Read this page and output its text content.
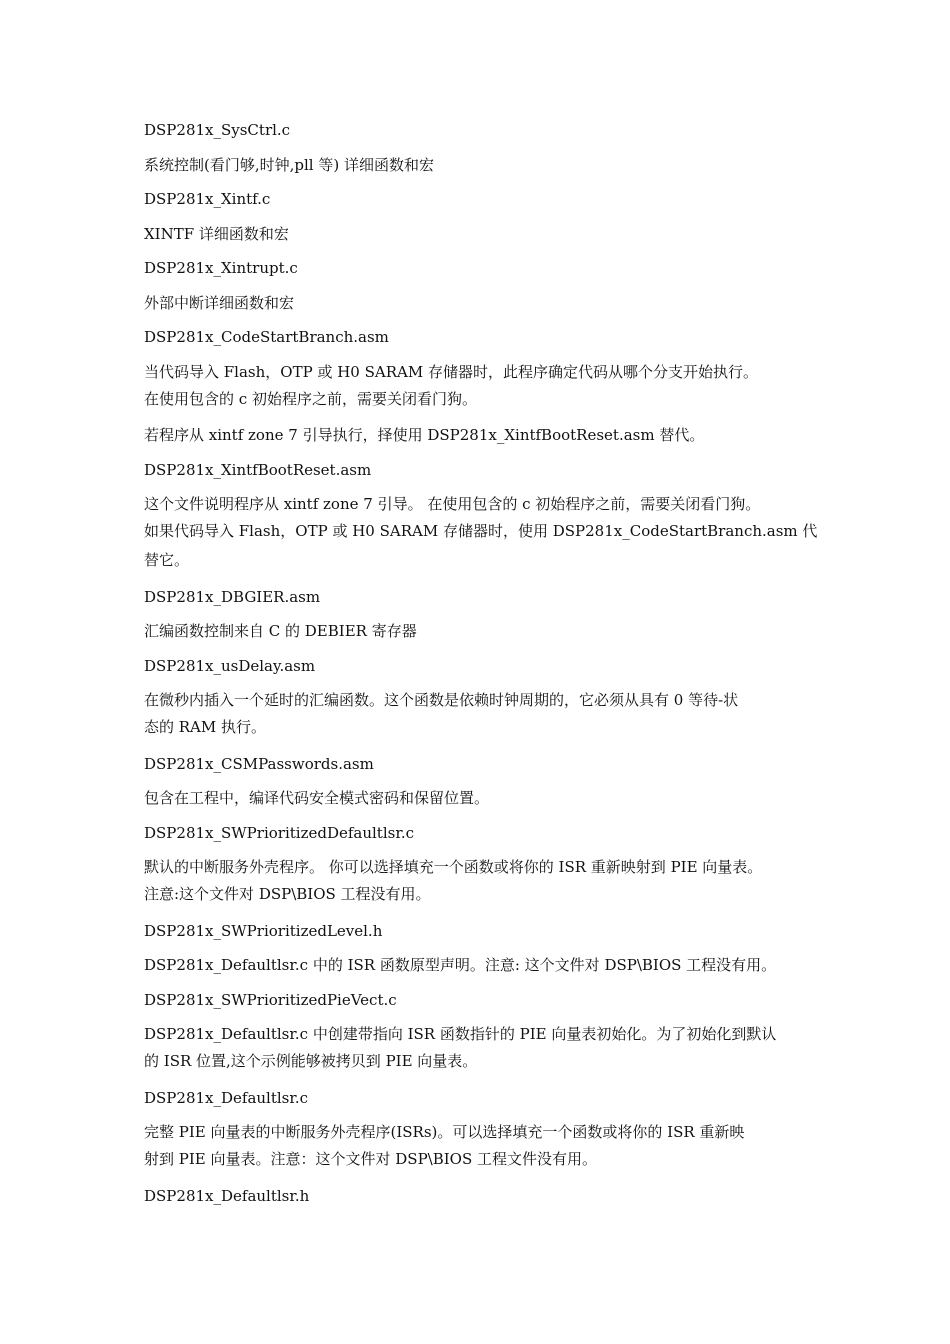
DSP281x_SysCtrl.c
系统控制(看门够,时钟,pll 等) 详细函数和宏
DSP281x_Xintf.c
XINTF 详细函数和宏
DSP281x_Xintrupt.c
外部中断详细函数和宏
DSP281x_CodeStartBranch.asm
当代码导入 Flash，OTP 或 H0 SARAM 存储器时，此程序确定代码从哪个分支开始执行。
在使用包含的 c 初始程序之前，需要关闭看门狗。
若程序从 xintf zone 7 引导执行，择使用 DSP281x_XintfBootReset.asm 替代。
DSP281x_XintfBootReset.asm
这个文件说明程序从 xintf zone 7 引导。 在使用包含的 c 初始程序之前，需要关闭看门狗。
如果代码导入 Flash，OTP 或 H0 SARAM 存储器时，使用 DSP281x_CodeStartBranch.asm 代
替它。
DSP281x_DBGIER.asm
汇编函数控制来自 C 的 DEBIER 寄存器
DSP281x_usDelay.asm
在微秒内插入一个延时的汇编函数。这个函数是依赖时钟周期的，它必须从具有 0 等待-状
态的 RAM 执行。
DSP281x_CSMPasswords.asm
包含在工程中，编译代码安全模式密码和保留位置。
DSP281x_SWPrioritizedDefaultlsr.c
默认的中断服务外壳程序。 你可以选择填充一个函数或将你的 ISR 重新映射到 PIE 向量表。
注意:这个文件对 DSP\BIOS 工程没有用。
DSP281x_SWPrioritizedLevel.h
DSP281x_Defaultlsr.c 中的 ISR 函数原型声明。注意: 这个文件对 DSP\BIOS 工程没有用。
DSP281x_SWPrioritizedPieVect.c
DSP281x_Defaultlsr.c 中创建带指向 ISR 函数指针的 PIE 向量表初始化。为了初始化到默认
的 ISR 位置,这个示例能够被拷贝到 PIE 向量表。
DSP281x_Defaultlsr.c
完整 PIE 向量表的中断服务外壳程序(ISRs)。可以选择填充一个函数或将你的 ISR 重新映
射到 PIE 向量表。注意：这个文件对 DSP\BIOS 工程文件没有用。
DSP281x_Defaultlsr.h
